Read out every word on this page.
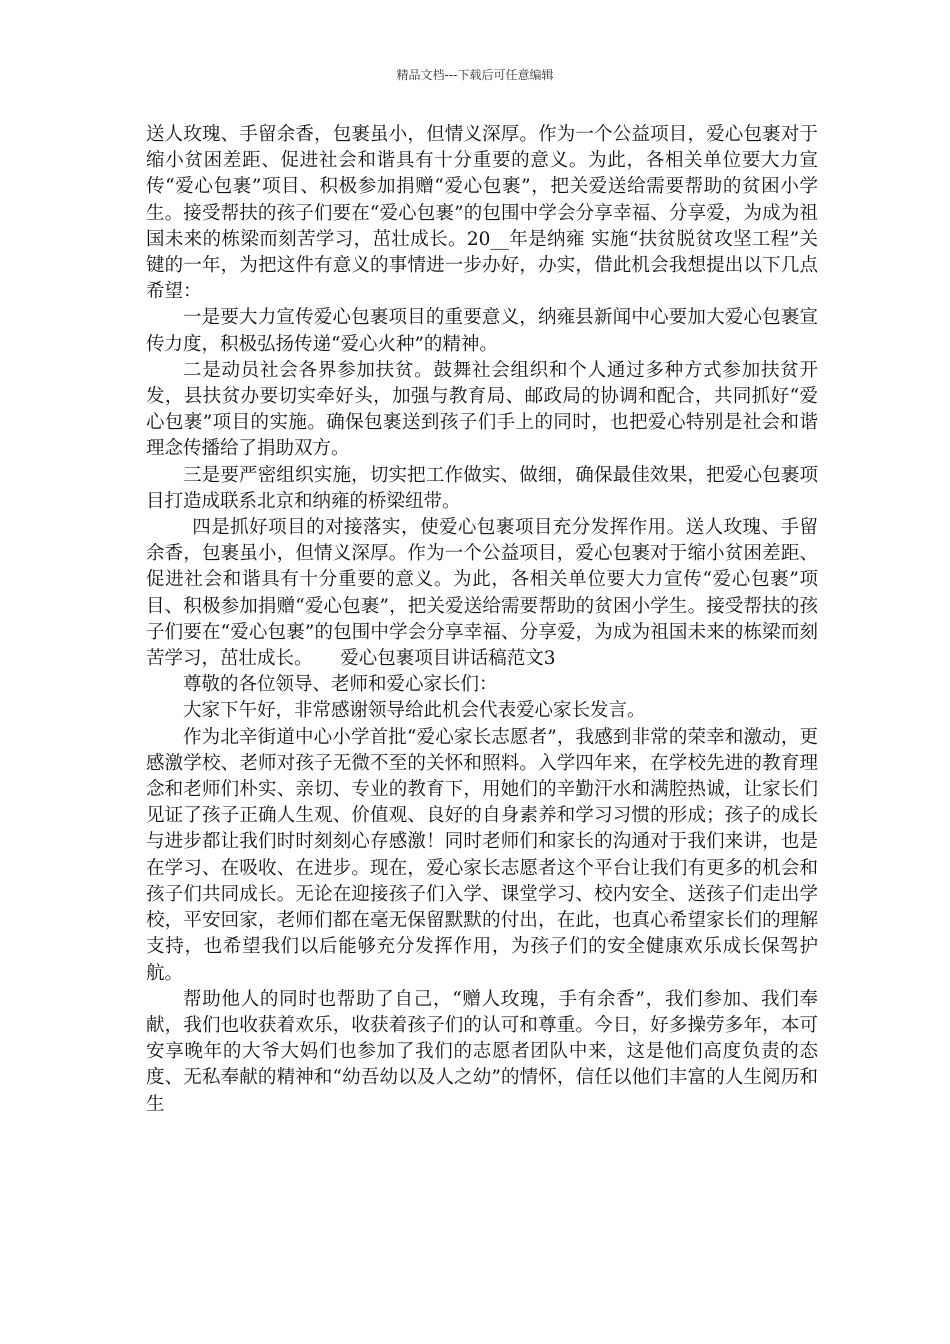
精品文档---下载后可任意编辑

送人玫瑰、手留余香，包裹虽小，但情义深厚。作为一个公益项目，爱心包裹对于缩小贫困差距、促进社会和谐具有十分重要的意义。为此，各相关单位要大力宣传“爱心包裹”项目、积极参加捐赠“爱心包裹”，把关爱送给需要帮助的贫困小学生。接受帮扶的孩子们要在“爱心包裹”的包围中学会分享幸福、分享爱，为成为祖国未来的栋梁而刻苦学习，茁壮成长。20__年是纳雍 实施“扶贫脱贫攻坚工程”关键的一年，为把这件有意义的事情进一步办好，办实，借此机会我想提出以下几点希望：

一是要大力宣传爱心包裹项目的重要意义，纳雍县新闻中心要加大爱心包裹宣传力度，积极弘扬传递“爱心火种”的精神。

二是动员社会各界参加扶贫。鼓舞社会组织和个人通过多种方式参加扶贫开发，县扶贫办要切实牵好头，加强与教育局、邮政局的协调和配合，共同抓好“爱心包裹”项目的实施。确保包裹送到孩子们手上的同时，也把爱心特别是社会和谐理念传播给了捐助双方。

三是要严密组织实施，切实把工作做实、做细，确保最佳效果，把爱心包裹项目打造成联系北京和纳雍的桥梁纽带。

四是抓好项目的对接落实，使爱心包裹项目充分发挥作用。送人玫瑰、手留余香，包裹虽小，但情义深厚。作为一个公益项目，爱心包裹对于缩小贫困差距、促进社会和谐具有十分重要的意义。为此，各相关单位要大力宣传“爱心包裹”项目、积极参加捐赠“爱心包裹”，把关爱送给需要帮助的贫困小学生。接受帮扶的孩子们要在“爱心包裹”的包围中学会分享幸福、分享爱，为成为祖国未来的栋梁而刻苦学习，茁壮成长。　　爱心包裹项目讲话稿范文3

尊敬的各位领导、老师和爱心家长们：

大家下午好，非常感谢领导给此机会代表爱心家长发言。

作为北辛街道中心小学首批“爱心家长志愿者”，我感到非常的荣幸和激动，更感激学校、老师对孩子无微不至的关怀和照料。入学四年来，在学校先进的教育理念和老师们朴实、亲切、专业的教育下，用她们的辛勤汗水和满腔热诚，让家长们见证了孩子正确人生观、价值观、良好的自身素养和学习习惯的形成；孩子的成长与进步都让我们时时刻刻心存感激！同时老师们和家长的沟通对于我们来讲，也是在学习、在吸收、在进步。现在，爱心家长志愿者这个平台让我们有更多的机会和孩子们共同成长。无论在迎接孩子们入学、课堂学习、校内安全、送孩子们走出学校，平安回家，老师们都在毫无保留默默的付出，在此，也真心希望家长们的理解支持，也希望我们以后能够充分发挥作用，为孩子们的安全健康欢乐成长保驾护航。

帮助他人的同时也帮助了自己，“赠人玫瑰，手有余香”，我们参加、我们奉献，我们也收获着欢乐，收获着孩子们的认可和尊重。今日，好多操劳多年，本可安享晚年的大爷大妈们也参加了我们的志愿者团队中来，这是他们高度负责的态度、无私奉献的精神和“幼吾幼以及人之幼”的情怀，信任以他们丰富的人生阅历和生
